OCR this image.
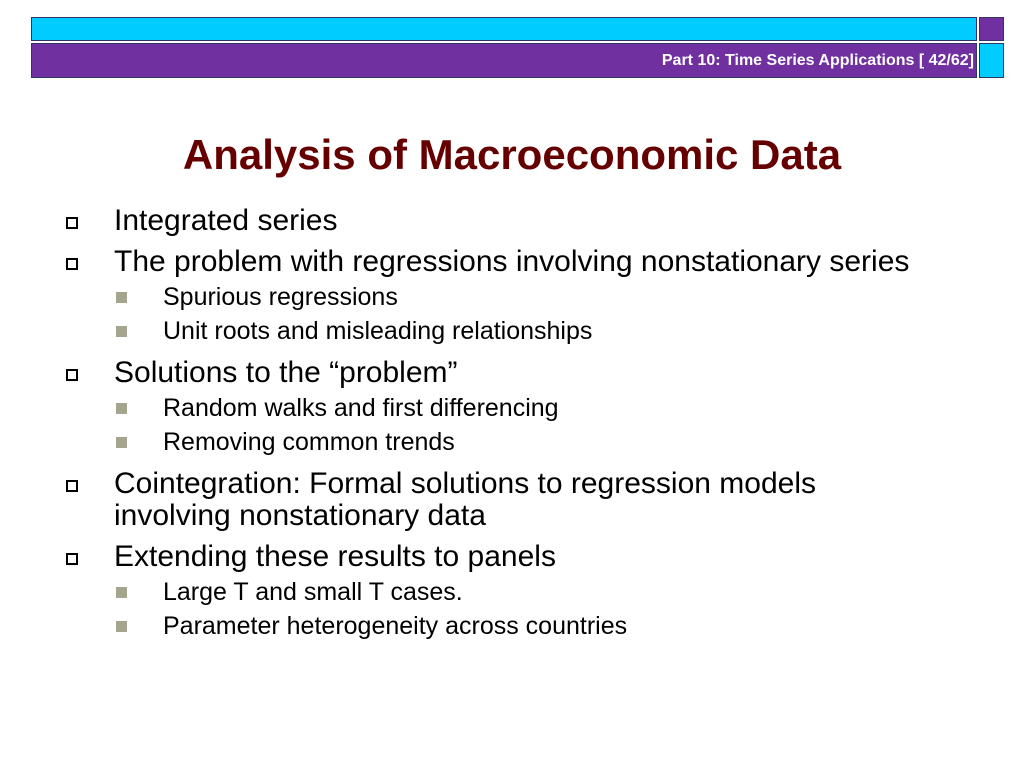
Part 10: Time Series Applications [ 42/62]
Analysis of Macroeconomic Data
Integrated series
The problem with regressions involving nonstationary series
Spurious regressions
Unit roots and misleading relationships
Solutions to the “problem”
Random walks and first differencing
Removing common trends
Cointegration: Formal solutions to regression models involving nonstationary data
Extending these results to panels
Large T and small T cases.
Parameter heterogeneity across countries
